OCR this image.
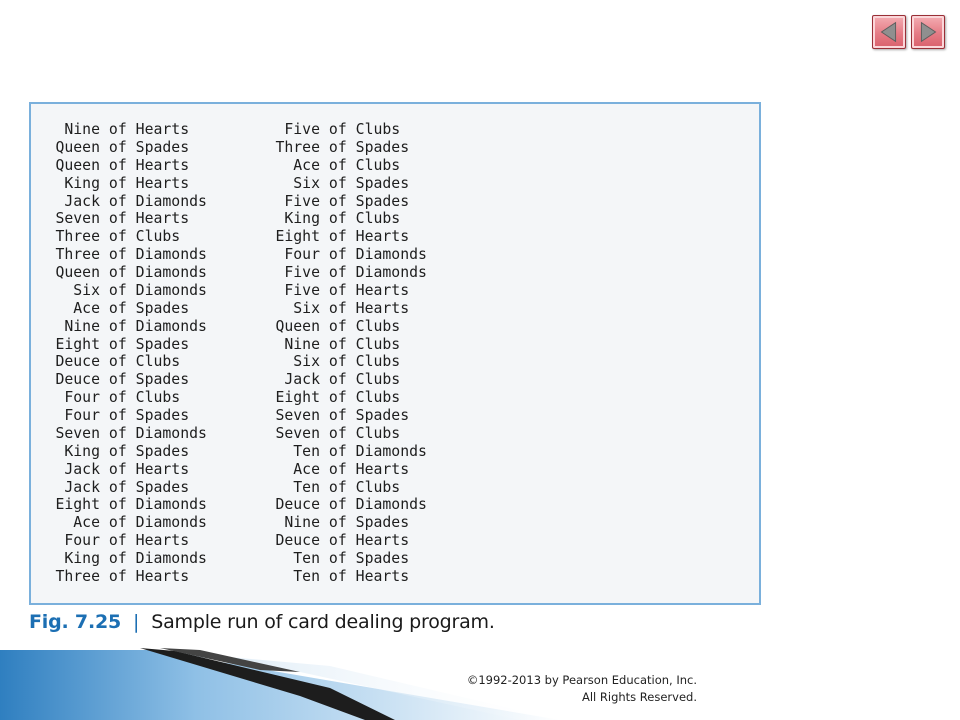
Nine of Hearts	Five of Clubs
Queen of Spades	Three of Spades
Queen of Hearts	Ace of Clubs
King of Hearts	Six of Spades
Jack of Diamonds	Five of Spades
Seven of Hearts	King of Clubs
Three of Clubs	Eight of Hearts
Three of Diamonds	Four of Diamonds
Queen of Diamonds	Five of Diamonds
Six of Diamonds	Five of Hearts
Ace of Spades	Six of Hearts
Nine of Diamonds	Queen of Clubs
Eight of Spades	Nine of Clubs
Deuce of Clubs	Six of Clubs
Deuce of Spades	Jack of Clubs
Four of Clubs	Eight of Clubs
Four of Spades	Seven of Spades
Seven of Diamonds	Seven of Clubs
King of Spades	Ten of Diamonds
Jack of Hearts	Ace of Hearts
Jack of Spades	Ten of Clubs
Eight of Diamonds	Deuce of Diamonds
Ace of Diamonds	Nine of Spades
Four of Hearts	Deuce of Hearts
King of Diamonds	Ten of Spades
Three of Hearts	Ten of Hearts
Fig. 7.25 | Sample run of card dealing program.
©1992-2013 by Pearson Education, Inc.
All Rights Reserved.
